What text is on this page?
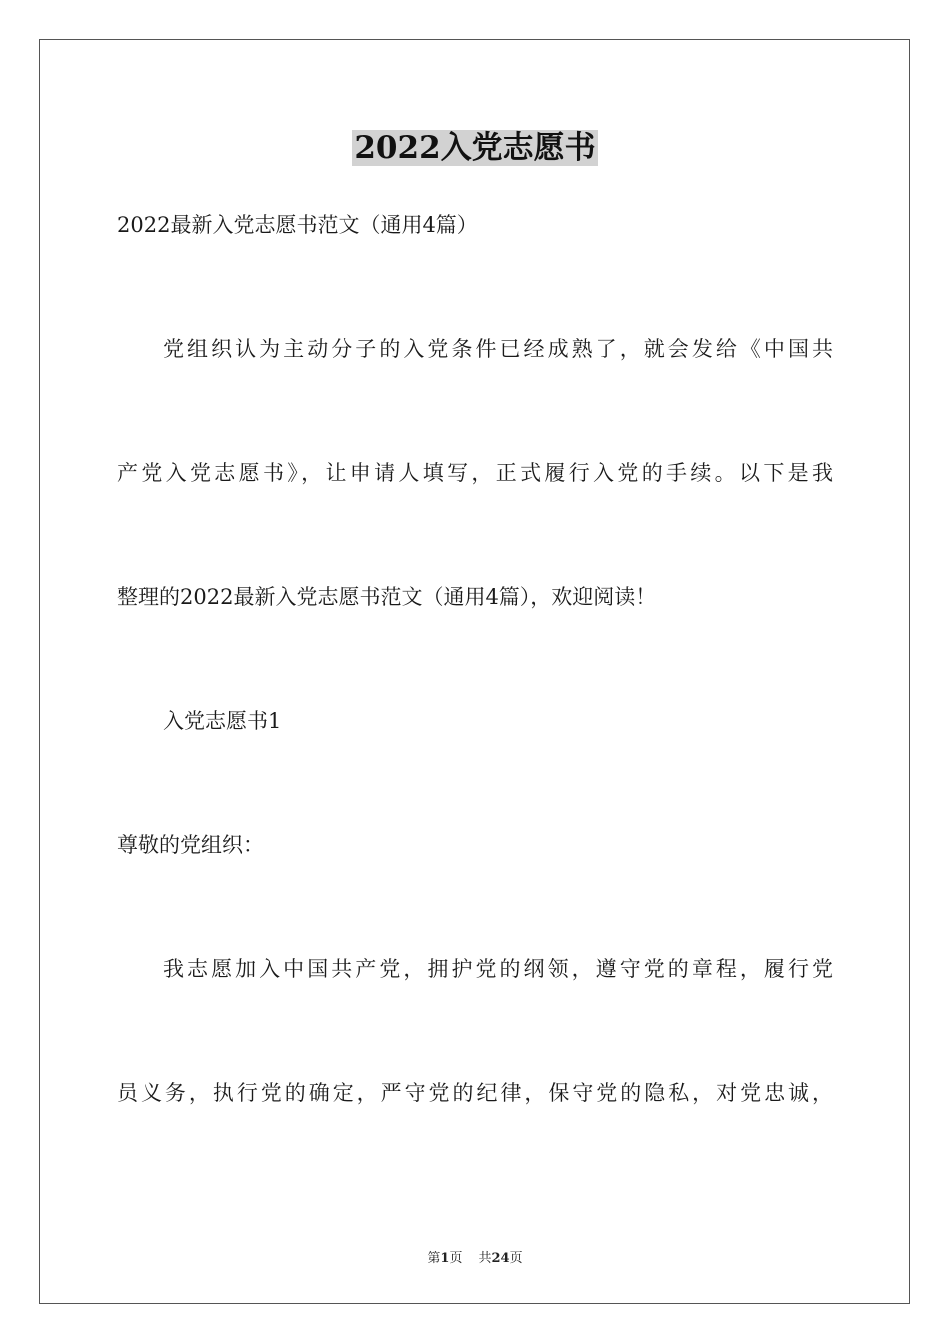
2022入党志愿书
2022最新入党志愿书范文（通用4篇）
党组织认为主动分子的入党条件已经成熟了，就会发给《中国共
产党入党志愿书》，让申请人填写，正式履行入党的手续。以下是我
整理的2022最新入党志愿书范文（通用4篇），欢迎阅读！
入党志愿书1
尊敬的党组织：
我志愿加入中国共产党，拥护党的纲领，遵守党的章程，履行党
员义务，执行党的确定，严守党的纪律，保守党的隐私，对党忠诚，
第1页 共24页
